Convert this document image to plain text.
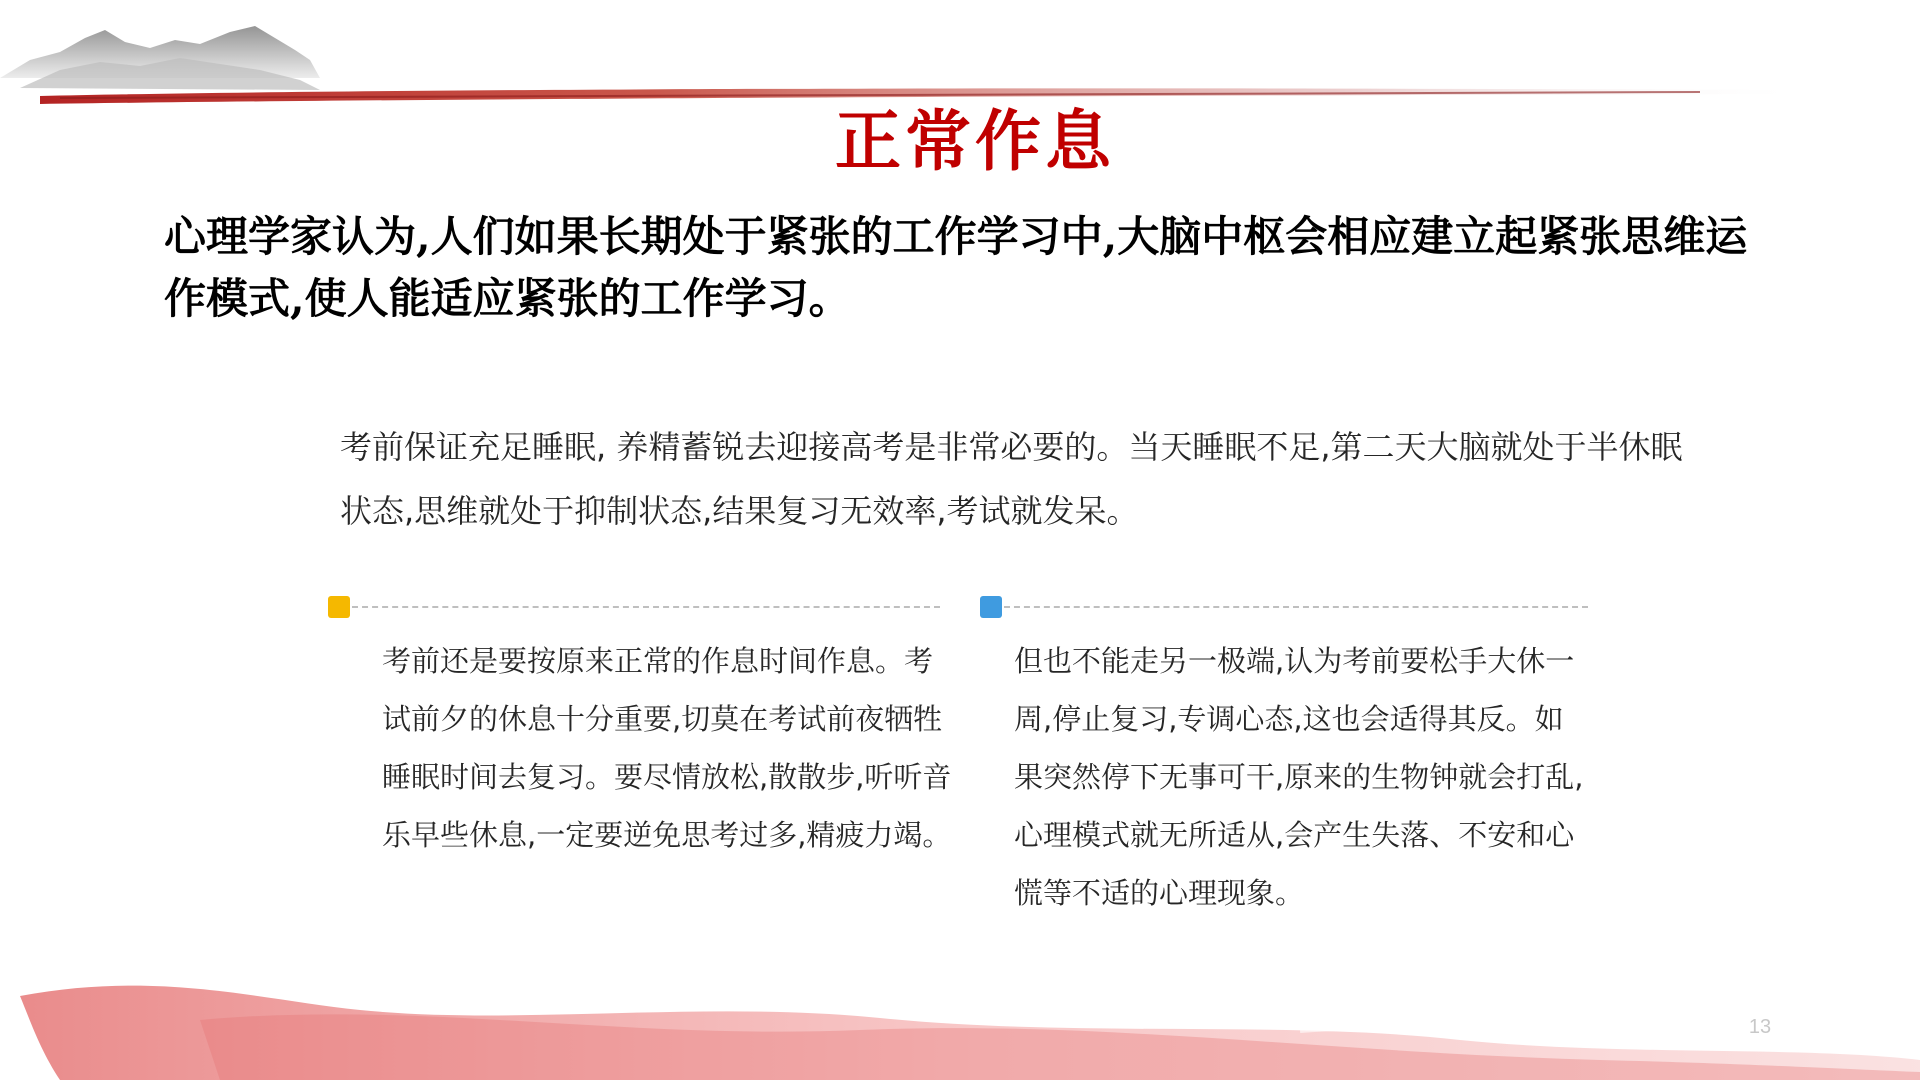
正常作息
心理学家认为,人们如果长期处于紧张的工作学习中,大脑中枢会相应建立起紧张思维运作模式,使人能适应紧张的工作学习。
考前保证充足睡眠, 养精蓄锐去迎接高考是非常必要的。当天睡眠不足,第二天大脑就处于半休眠状态,思维就处于抑制状态,结果复习无效率,考试就发呆。
考前还是要按原来正常的作息时间作息。考试前夕的休息十分重要,切莫在考试前夜牺牲睡眠时间去复习。要尽情放松,散散步,听听音乐早些休息,一定要逆免思考过多,精疲力竭。
但也不能走另一极端,认为考前要松手大休一周,停止复习,专调心态,这也会适得其反。如果突然停下无事可干,原来的生物钟就会打乱,心理模式就无所适从,会产生失落、不安和心慌等不适的心理现象。
13
